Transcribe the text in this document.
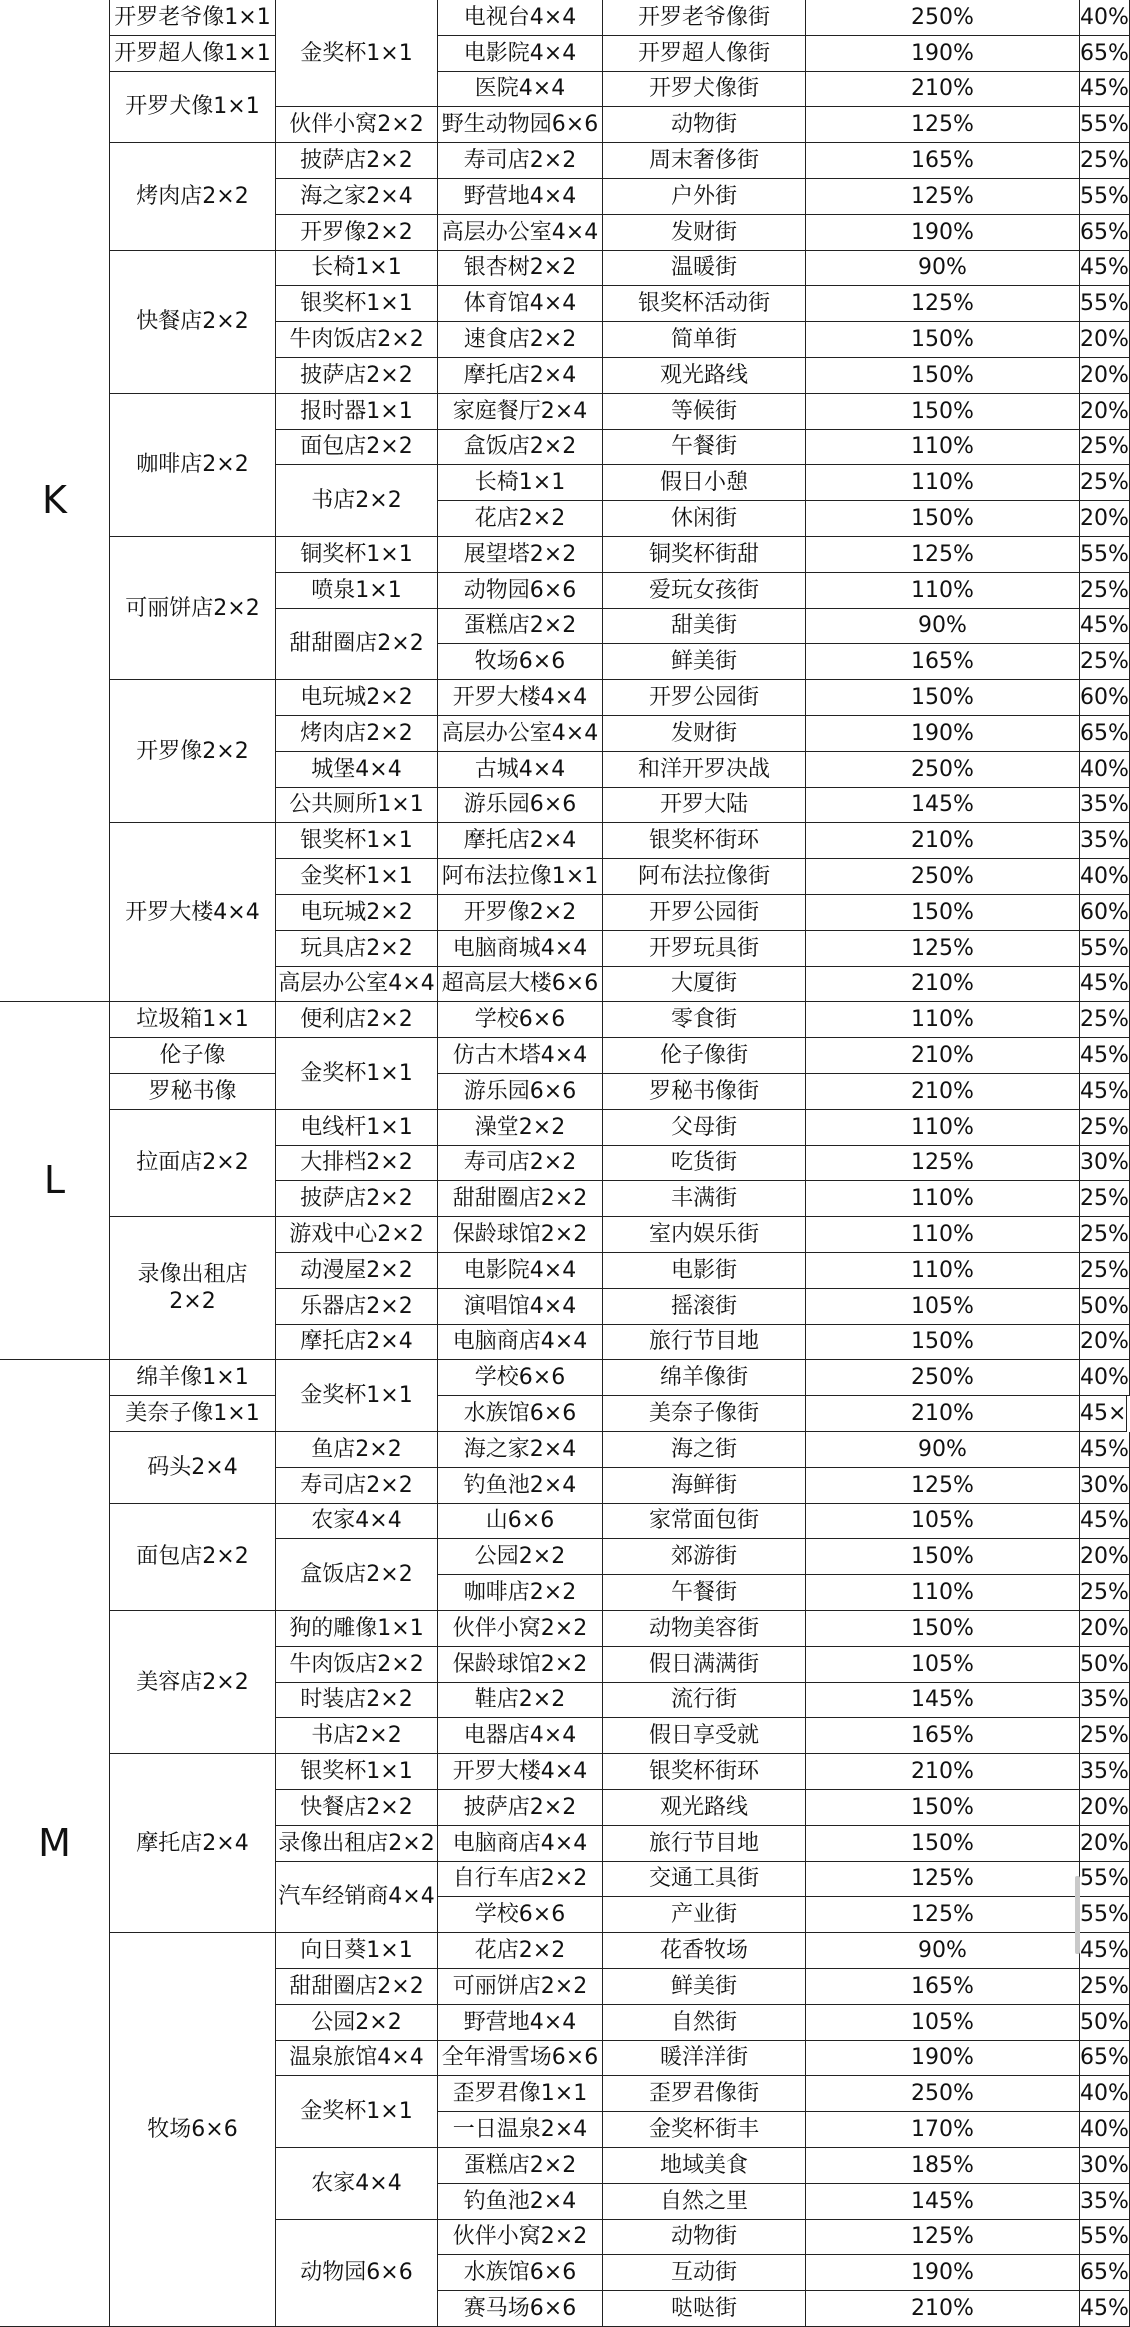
K
开罗老爷像1×1
开罗超人像1×1
开罗犬像1×1
烤肉店2×2
快餐店2×2
咖啡店2×2
可丽饼店2×2
开罗像2×2
开罗大楼4×4
金奖杯1×1
伙伴小窝2×2
披萨店2×2
海之家2×4
开罗像2×2
长椅1×1
银奖杯1×1
牛肉饭店2×2
披萨店2×2
报时器1×1
面包店2×2
书店2×2
铜奖杯1×1
喷泉1×1
甜甜圈店2×2
电玩城2×2
烤肉店2×2
城堡4×4
公共厕所1×1
银奖杯1×1
金奖杯1×1
电玩城2×2
玩具店2×2
高层办公室4×4
电视台4×4
电影院4×4
医院4×4
野生动物园6×6
寿司店2×2
野营地4×4
高层办公室4×4
银杏树2×2
体育馆4×4
速食店2×2
摩托店2×4
家庭餐厅2×4
盒饭店2×2
长椅1×1
花店2×2
展望塔2×2
动物园6×6
蛋糕店2×2
牧场6×6
开罗大楼4×4
高层办公室4×4
古城4×4
游乐园6×6
摩托店2×4
阿布法拉像1×1
开罗像2×2
电脑商城4×4
超高层大楼6×6
开罗老爷像街
开罗超人像街
开罗犬像街
动物街
周末奢侈街
户外街
发财街
温暖街
银奖杯活动街
简单街
观光路线
等候街
午餐街
假日小憩
休闲街
铜奖杯街甜
爱玩女孩街
甜美街
鲜美街
开罗公园街
发财街
和洋开罗决战
开罗大陆
银奖杯街环
阿布法拉像街
开罗公园街
开罗玩具街
大厦街
250%
190%
210%
125%
165%
125%
190%
90%
125%
150%
150%
150%
110%
110%
150%
125%
110%
90%
165%
150%
190%
250%
145%
210%
250%
150%
125%
210%
40%
65%
45%
55%
25%
55%
65%
45%
55%
20%
20%
20%
25%
25%
20%
55%
25%
45%
25%
60%
65%
40%
35%
35%
40%
60%
55%
45%
L
垃圾箱1×1
伦子像
罗秘书像
拉面店2×2
录像出租店
2×2
便利店2×2
金奖杯1×1
电线杆1×1
大排档2×2
披萨店2×2
游戏中心2×2
动漫屋2×2
乐器店2×2
摩托店2×4
学校6×6
仿古木塔4×4
游乐园6×6
澡堂2×2
寿司店2×2
甜甜圈店2×2
保龄球馆2×2
电影院4×4
演唱馆4×4
电脑商店4×4
零食街
伦子像街
罗秘书像街
父母街
吃货街
丰满街
室内娱乐街
电影街
摇滚街
旅行节目地
110%
210%
210%
110%
125%
110%
110%
110%
105%
150%
25%
45%
45%
25%
30%
25%
25%
25%
50%
20%
M
绵羊像1×1
美奈子像1×1
码头2×4
面包店2×2
美容店2×2
摩托店2×4
牧场6×6
金奖杯1×1
鱼店2×2
寿司店2×2
农家4×4
盒饭店2×2
狗的雕像1×1
牛肉饭店2×2
时装店2×2
书店2×2
银奖杯1×1
快餐店2×2
录像出租店2×2
汽车经销商4×4
向日葵1×1
甜甜圈店2×2
公园2×2
温泉旅馆4×4
金奖杯1×1
农家4×4
动物园6×6
学校6×6
水族馆6×6
海之家2×4
钓鱼池2×4
山6×6
公园2×2
咖啡店2×2
伙伴小窝2×2
保龄球馆2×2
鞋店2×2
电器店4×4
开罗大楼4×4
披萨店2×2
电脑商店4×4
自行车店2×2
学校6×6
花店2×2
可丽饼店2×2
野营地4×4
全年滑雪场6×6
歪罗君像1×1
一日温泉2×4
蛋糕店2×2
钓鱼池2×4
伙伴小窝2×2
水族馆6×6
赛马场6×6
绵羊像街
美奈子像街
海之街
海鲜街
家常面包街
郊游街
午餐街
动物美容街
假日满满街
流行街
假日享受就
银奖杯街环
观光路线
旅行节目地
交通工具街
产业街
花香牧场
鲜美街
自然街
暖洋洋街
歪罗君像街
金奖杯街丰
地域美食
自然之里
动物街
互动街
哒哒街
250%
210%
90%
125%
105%
150%
110%
150%
105%
145%
165%
210%
150%
150%
125%
125%
90%
165%
105%
190%
250%
170%
185%
145%
125%
190%
210%
40%
45×
45%
30%
45%
20%
25%
20%
50%
35%
25%
35%
20%
20%
55%
55%
45%
25%
50%
65%
40%
40%
30%
35%
55%
65%
45%
